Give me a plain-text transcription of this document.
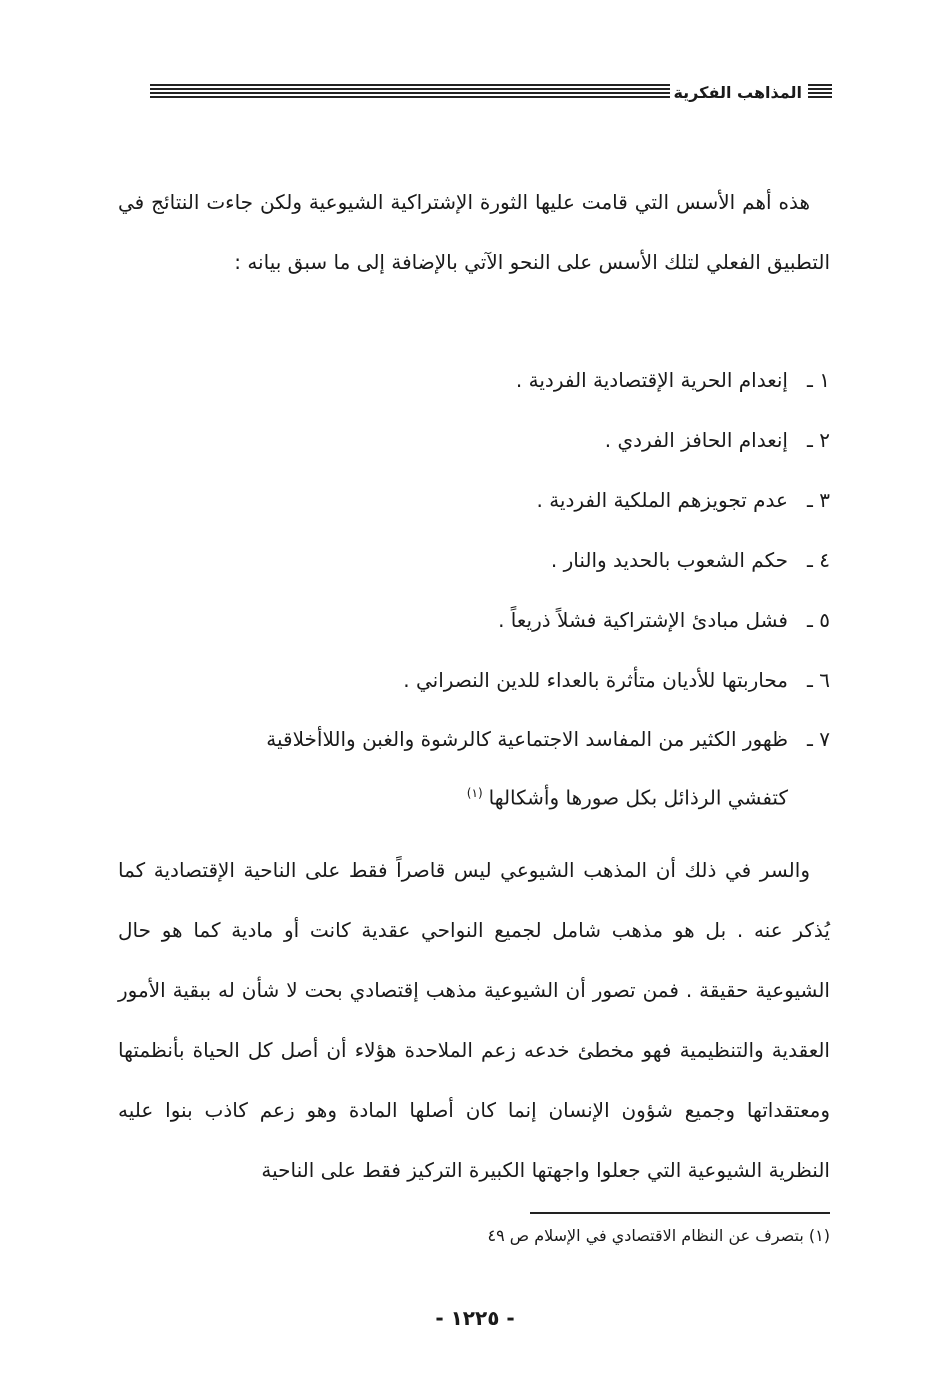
المذاهب الفكرية

هذه أهم الأسس التي قامت عليها الثورة الإشتراكية الشيوعية ولكن جاءت النتائج في التطبيق الفعلي لتلك الأسس على النحو الآتي بالإضافة إلى ما سبق بيانه :

١ ـ
إنعدام الحرية الإقتصادية الفردية .
٢ ـ
إنعدام الحافز الفردي .
٣ ـ
عدم تجويزهم الملكية الفردية .
٤ ـ
حكم الشعوب بالحديد والنار .
٥ ـ
فشل مبادئ الإشتراكية فشلاً ذريعاً .
٦ ـ
محاربتها للأديان متأثرة بالعداء للدين النصراني .
٧ ـ
ظهور الكثير من المفاسد الاجتماعية كالرشوة والغبن واللاأخلاقية
كتفشي الرذائل بكل صورها وأشكالها$^{(١)}$

والسر في ذلك أن المذهب الشيوعي ليس قاصراً فقط على الناحية الإقتصادية كما يُذكر عنه . بل هو مذهب شامل لجميع النواحي عقدية كانت أو مادية كما هو حال الشيوعية حقيقة . فمن تصور أن الشيوعية مذهب إقتصادي بحت لا شأن له ببقية الأمور العقدية والتنظيمية فهو مخطئ خدعه زعم الملاحدة هؤلاء أن أصل كل الحياة بأنظمتها ومعتقداتها وجميع شؤون الإنسان إنما كان أصلها المادة وهو زعم كاذب بنوا عليه النظرية الشيوعية التي جعلوا واجهتها الكبيرة التركيز فقط على الناحية

(١) بتصرف عن النظام الاقتصادي في الإسلام ص ٤٩
- ١٢٢٥ -
